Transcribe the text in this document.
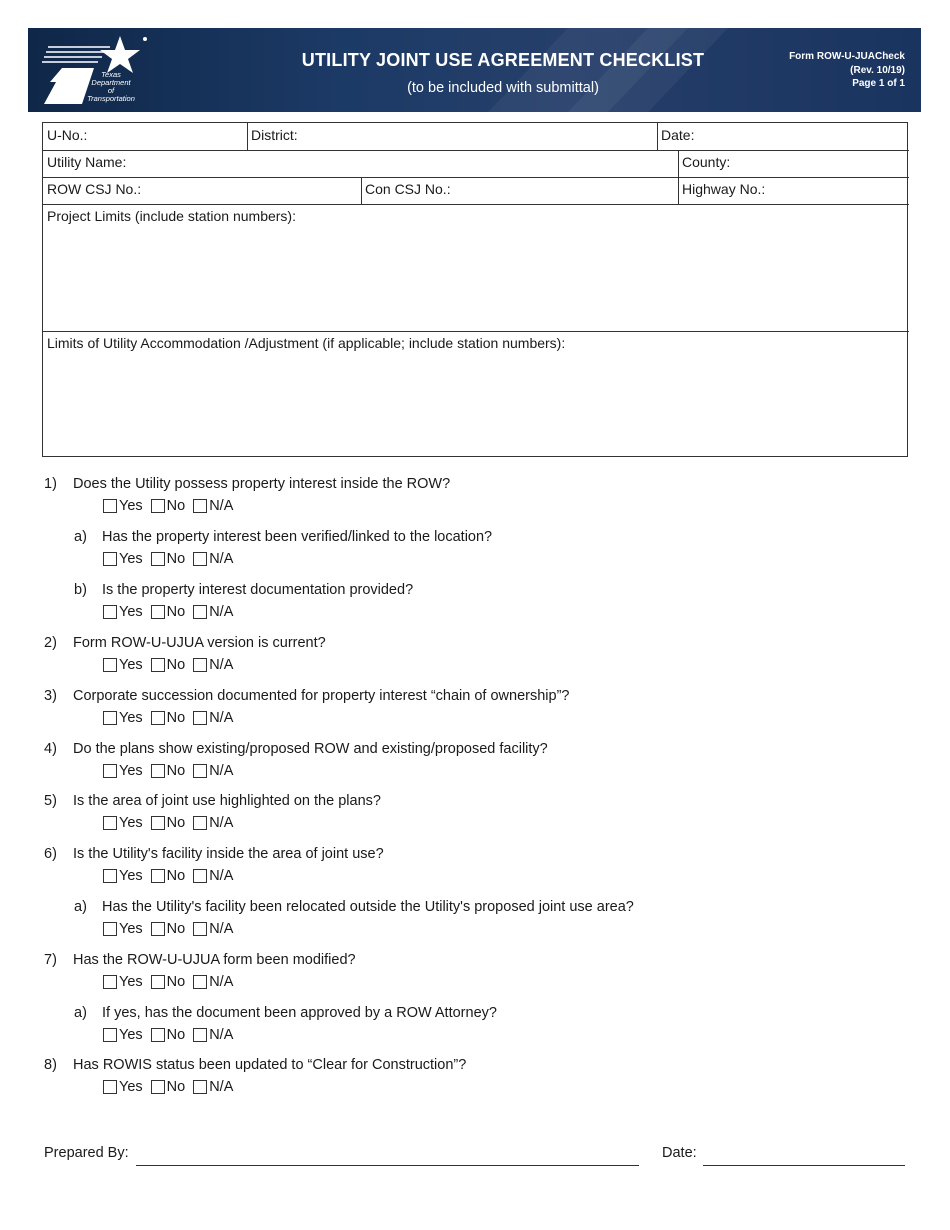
Texas
Department
of Transportation
UTILITY JOINT USE AGREEMENT CHECKLIST
(to be included with submittal)
Form ROW-U-JUACheck
(Rev. 10/19)
Page 1 of 1
U-No.:	District:	Date:
Utility Name:	County:
ROW CSJ No.:	Con CSJ No.:	Highway No.:
Project Limits (include station numbers):
Limits of Utility Accommodation /Adjustment (if applicable; include station numbers):
1) Does the Utility possess property interest inside the ROW?
Yes No N/A
a) Has the property interest been verified/linked to the location?
Yes No N/A
b) Is the property interest documentation provided?
Yes No N/A
2) Form ROW-U-UJUA version is current?
Yes No N/A
3) Corporate succession documented for property interest “chain of ownership”?
Yes No N/A
4) Do the plans show existing/proposed ROW and existing/proposed facility?
Yes No N/A
5) Is the area of joint use highlighted on the plans?
Yes No N/A
6) Is the Utility's facility inside the area of joint use?
Yes No N/A
a) Has the Utility's facility been relocated outside the Utility's proposed joint use area?
Yes No N/A
7) Has the ROW-U-UJUA form been modified?
Yes No N/A
a) If yes, has the document been approved by a ROW Attorney?
Yes No N/A
8) Has ROWIS status been updated to “Clear for Construction”?
Yes No N/A
Prepared By:	Date:
